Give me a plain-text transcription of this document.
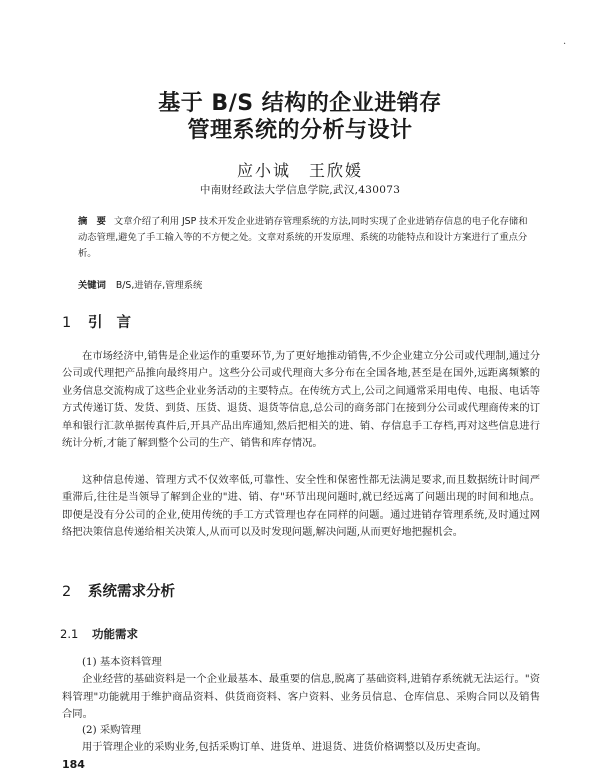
·
基于 B/S 结构的企业进销存
管理系统的分析与设计
应小诚　王欣媛
中南财经政法大学信息学院,武汉,430073
摘　要 文章介绍了利用 JSP 技术开发企业进销存管理系统的方法,同时实现了企业进销存信息的电子化存储和动态管理,避免了手工输入等的不方便之处。文章对系统的开发原理、系统的功能特点和设计方案进行了重点分析。
关键词 B/S,进销存,管理系统
1 引言

在市场经济中,销售是企业运作的重要环节,为了更好地推动销售,不少企业建立分公司或代理制,通过分公司或代理把产品推向最终用户。这些分公司或代理商大多分布在全国各地,甚至是在国外,远距离频繁的业务信息交流构成了这些企业业务活动的主要特点。在传统方式上,公司之间通常采用电传、电报、电话等方式传递订货、发货、到货、压货、退货、退货等信息,总公司的商务部门在接到分公司或代理商传来的订单和银行汇款单据传真件后,开具产品出库通知,然后把相关的进、销、存信息手工存档,再对这些信息进行统计分析,才能了解到整个公司的生产、销售和库存情况。

这种信息传递、管理方式不仅效率低,可靠性、安全性和保密性都无法满足要求,而且数据统计时间严重滞后,往往是当领导了解到企业的"进、销、存"环节出现问题时,就已经远离了问题出现的时间和地点。即便是没有分公司的企业,使用传统的手工方式管理也存在同样的问题。通过进销存管理系统,及时通过网络把决策信息传递给相关决策人,从而可以及时发现问题,解决问题,从而更好地把握机会。

2 系统需求分析
2.1 功能需求
(1) 基本资料管理

企业经营的基础资料是一个企业最基本、最重要的信息,脱离了基础资料,进销存系统就无法运行。"资料管理"功能就用于维护商品资料、供货商资料、客户资料、业务员信息、仓库信息、采购合同以及销售合同。

(2) 采购管理

用于管理企业的采购业务,包括采购订单、进货单、进退货、进货价格调整以及历史查询。

184
